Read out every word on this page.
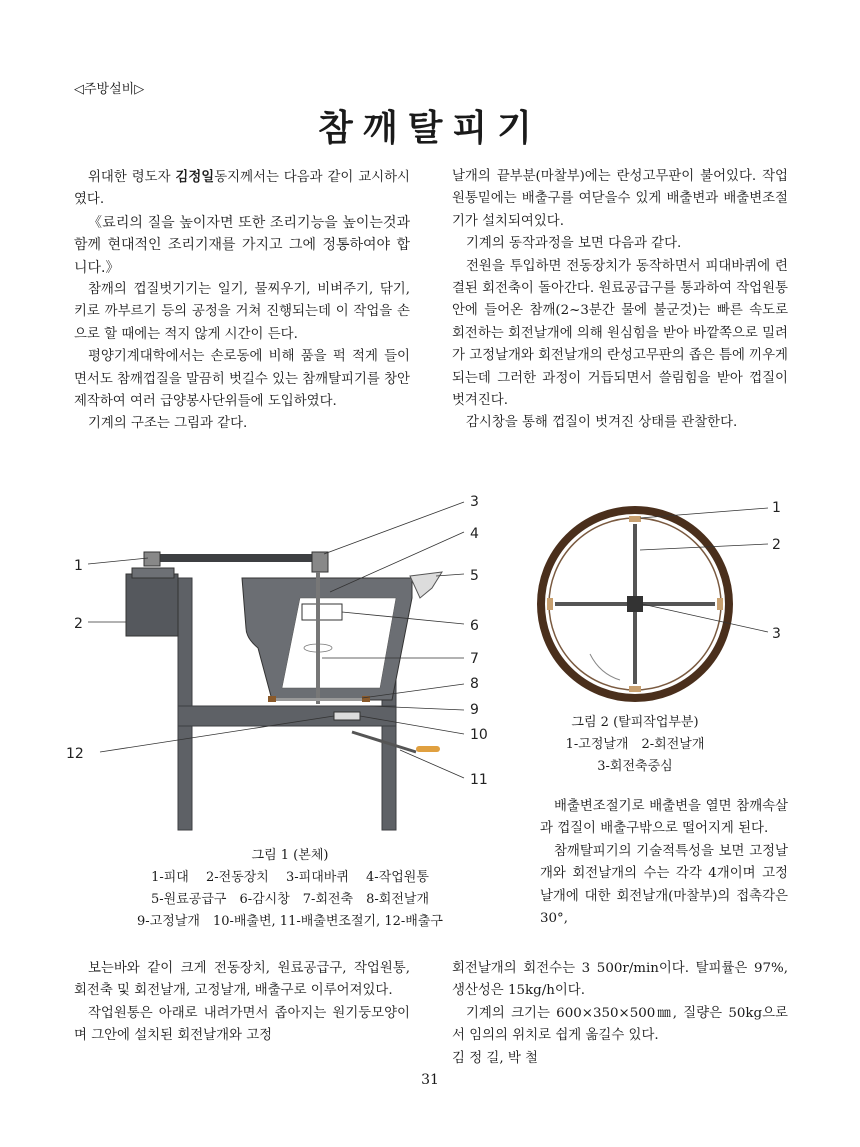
◁주방설비▷
참깨탈피기

위대한 령도자 김정일동지께서는 다음과 같이 교시하시였다.

《료리의 질을 높이자면 또한 조리기능을 높이는것과 함께 현대적인 조리기재를 가지고 그에 정통하여야 합니다.》

참깨의 껍질벗기기는 일기, 물찌우기, 비벼주기, 닦기, 키로 까부르기 등의 공정을 거쳐 진행되는데 이 작업을 손으로 할 때에는 적지 않게 시간이 든다.

평양기계대학에서는 손로동에 비해 품을 퍽 적게 들이면서도 참깨껍질을 말끔히 벗길수 있는 참깨탈피기를 창안제작하여 여러 급양봉사단위들에 도입하였다.

기계의 구조는 그림과 같다.

날개의 끝부분(마찰부)에는 란성고무판이 불어있다. 작업원통밑에는 배출구를 여닫을수 있게 배출변과 배출변조절기가 설치되여있다.

기계의 동작과정을 보면 다음과 같다.

전원을 투입하면 전동장치가 동작하면서 피대바퀴에 련결된 회전축이 돌아간다. 원료공급구를 통과하여 작업원통안에 들어온 참깨(2~3분간 물에 불군것)는 빠른 속도로 회전하는 회전날개에 의해 원심힘을 받아 바깥쪽으로 밀려가 고정날개와 회전날개의 란성고무판의 좁은 틈에 끼우게 되는데 그러한 과정이 거듭되면서 쓸림힘을 받아 껍질이 벗겨진다.

감시창을 통해 껍질이 벗겨진 상태를 관찰한다.

1
2
3
4
5
6
7
8
9
10
11
12
그림 1 (본체)
1-피대　 2-전동장치　 3-피대바퀴　 4-작업원통
5-원료공급구　6-감시창　7-회전축　8-회전날개
9-고정날개　10-배출변, 11-배출변조절기, 12-배출구
1
2
3
그림 2 (탈피작업부분)
1-고정날개　2-회전날개
3-회전축중심

배출변조절기로 배출변을 열면 참깨속살과 껍질이 배출구밖으로 떨어지게 된다.

참깨탈피기의 기술적특성을 보면 고정날개와 회전날개의 수는 각각 4개이며 고정날개에 대한 회전날개(마찰부)의 접촉각은 30°,

보는바와 같이 크게 전동장치, 원료공급구, 작업원통, 회전축 및 회전날개, 고정날개, 배출구로 이루어져있다.

작업원통은 아래로 내려가면서 좁아지는 원기둥모양이며 그안에 설치된 회전날개와 고정

회전날개의 회전수는 3 500r/min이다. 탈피률은 97%, 생산성은 15kg/h이다.

기계의 크기는 600×350×500㎜, 질량은 50kg으로서 임의의 위치로 쉽게 옮길수 있다.

김 정 길, 박 철

31
